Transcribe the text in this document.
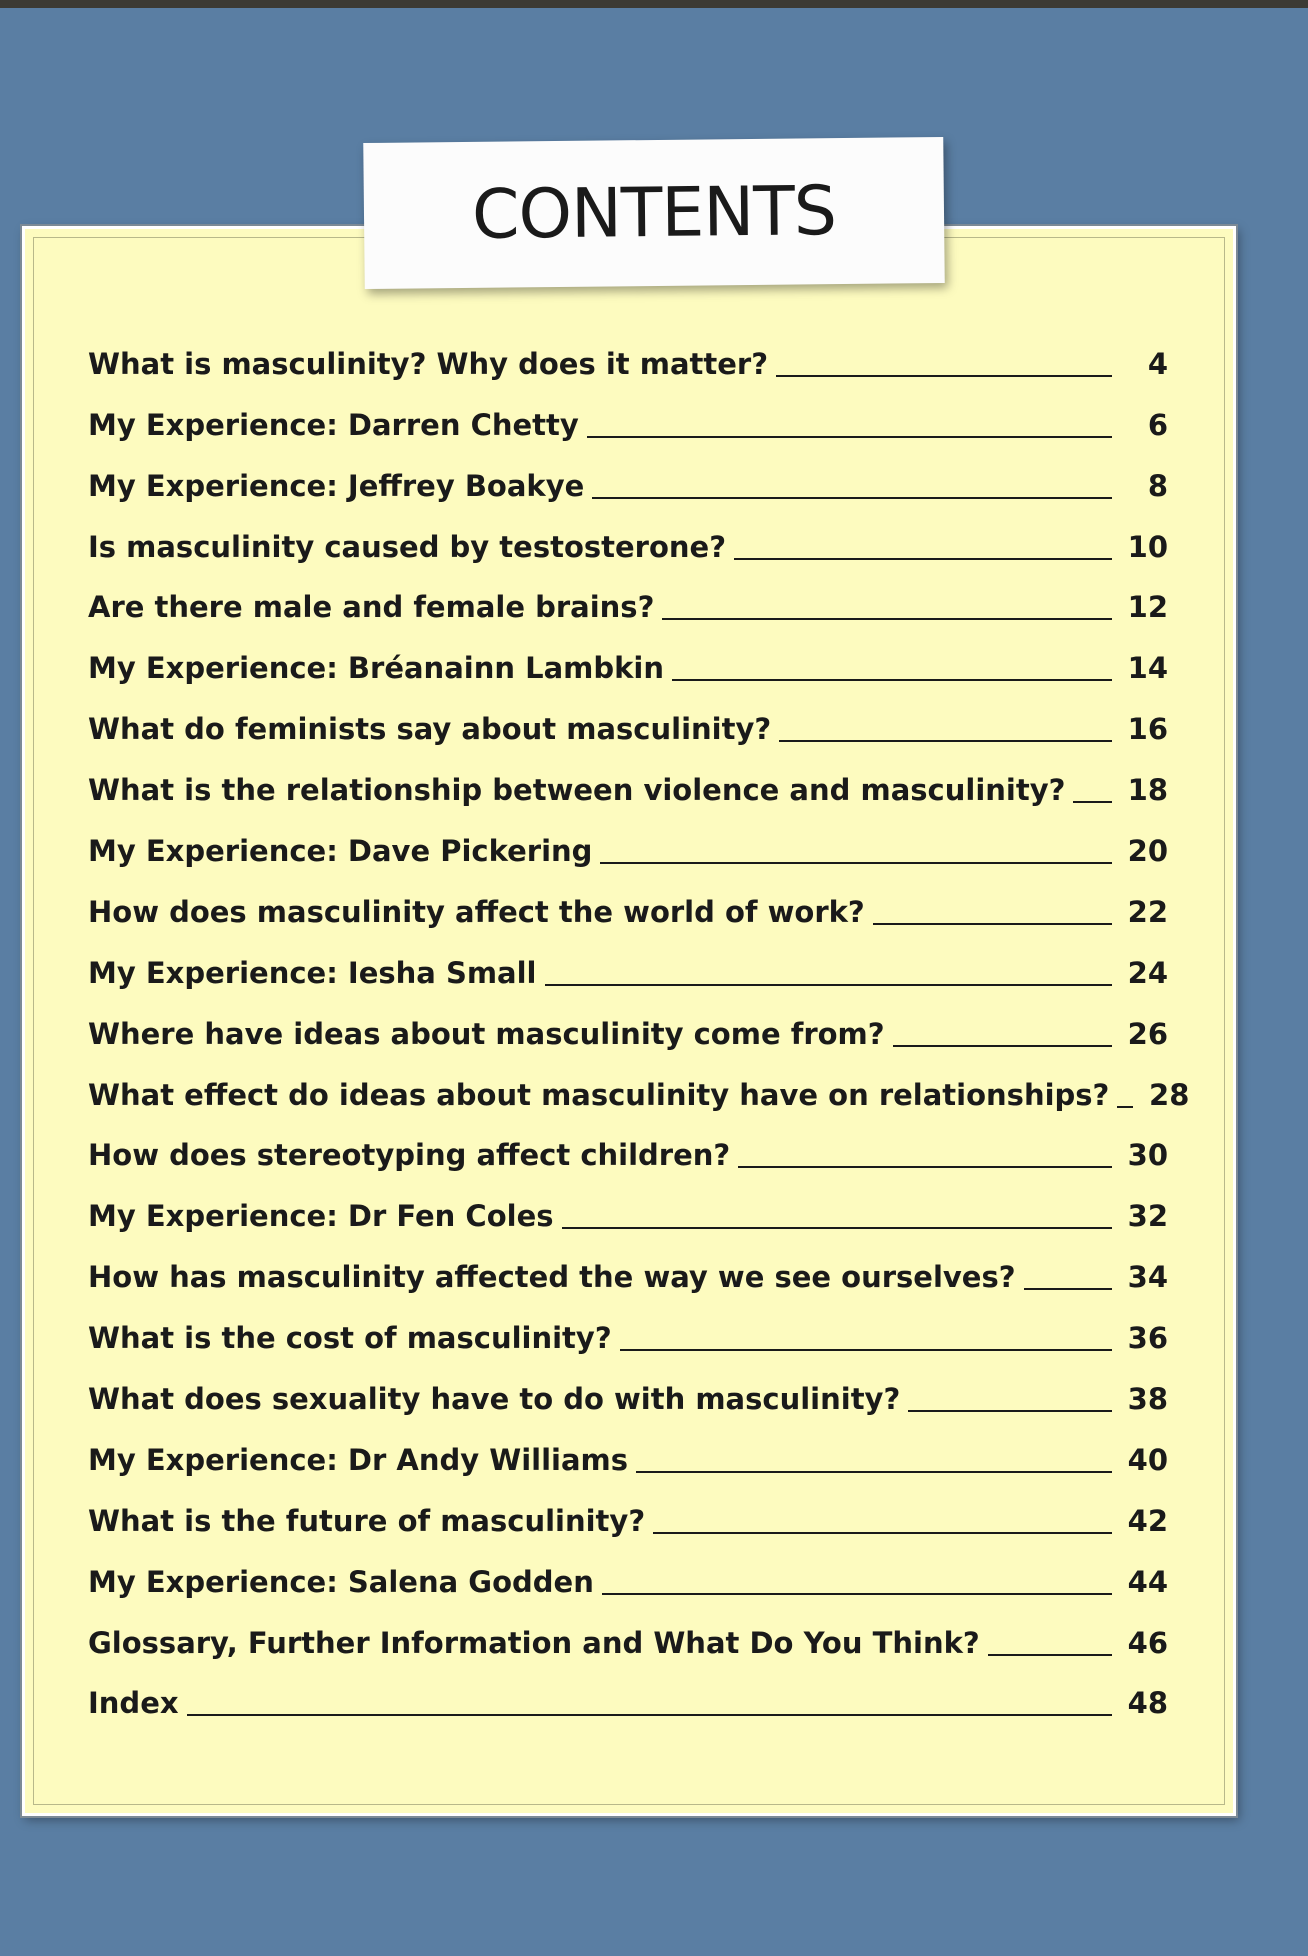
CONTENTS
What is masculinity? Why does it matter?	4
My Experience: Darren Chetty	6
My Experience: Jeffrey Boakye	8
Is masculinity caused by testosterone?	10
Are there male and female brains?	12
My Experience: Bréanainn Lambkin	14
What do feminists say about masculinity?	16
What is the relationship between violence and masculinity? 18
My Experience: Dave Pickering	20
How does masculinity affect the world of work?	22
My Experience: Iesha Small	24
Where have ideas about masculinity come from?	26
What effect do ideas about masculinity have on relationships? 28
How does stereotyping affect children?	30
My Experience: Dr Fen Coles	32
How has masculinity affected the way we see ourselves?	34
What is the cost of masculinity?	36
What does sexuality have to do with masculinity?	38
My Experience: Dr Andy Williams	40
What is the future of masculinity?	42
My Experience: Salena Godden	44
Glossary, Further Information and What Do You Think?	46
Index	48
